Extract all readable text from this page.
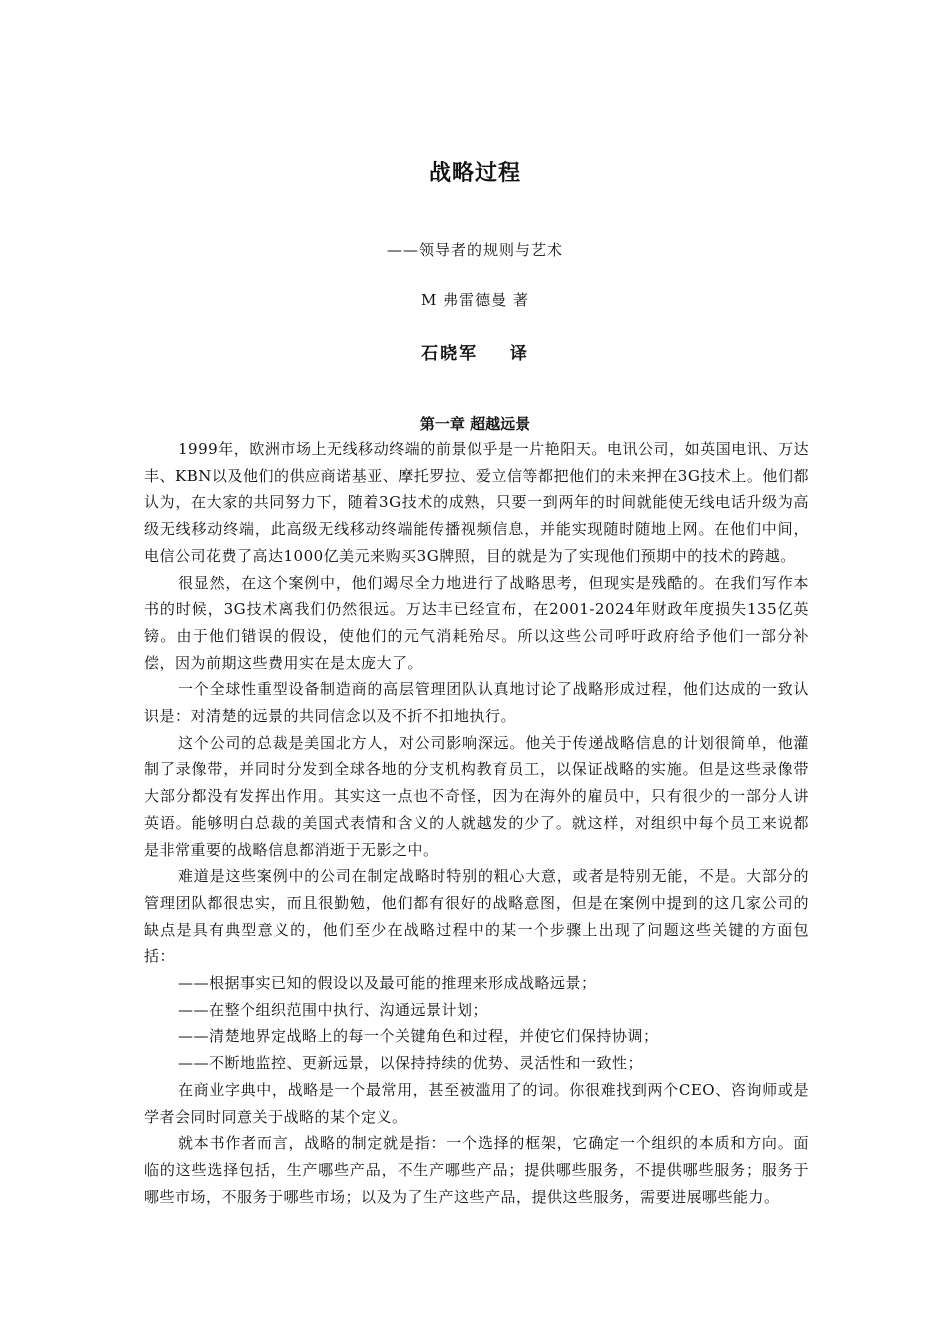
战略过程
——领导者的规则与艺术
M 弗雷德曼 著
石晓军    译
第一章 超越远景

1999年，欧洲市场上无线移动终端的前景似乎是一片艳阳天。电讯公司，如英国电讯、万达丰、KBN以及他们的供应商诺基亚、摩托罗拉、爱立信等都把他们的未来押在3G技术上。他们都认为，在大家的共同努力下，随着3G技术的成熟，只要一到两年的时间就能使无线电话升级为高级无线移动终端，此高级无线移动终端能传播视频信息，并能实现随时随地上网。在他们中间，电信公司花费了高达1000亿美元来购买3G牌照，目的就是为了实现他们预期中的技术的跨越。

很显然，在这个案例中，他们竭尽全力地进行了战略思考，但现实是残酷的。在我们写作本书的时候，3G技术离我们仍然很远。万达丰已经宣布，在2001-2024年财政年度损失135亿英镑。由于他们错误的假设，使他们的元气消耗殆尽。所以这些公司呼吁政府给予他们一部分补偿，因为前期这些费用实在是太庞大了。

一个全球性重型设备制造商的高层管理团队认真地讨论了战略形成过程，他们达成的一致认识是：对清楚的远景的共同信念以及不折不扣地执行。

这个公司的总裁是美国北方人，对公司影响深远。他关于传递战略信息的计划很简单，他灌制了录像带，并同时分发到全球各地的分支机构教育员工，以保证战略的实施。但是这些录像带大部分都没有发挥出作用。其实这一点也不奇怪，因为在海外的雇员中，只有很少的一部分人讲英语。能够明白总裁的美国式表情和含义的人就越发的少了。就这样，对组织中每个员工来说都是非常重要的战略信息都消逝于无影之中。

难道是这些案例中的公司在制定战略时特别的粗心大意，或者是特别无能，不是。大部分的管理团队都很忠实，而且很勤勉，他们都有很好的战略意图，但是在案例中提到的这几家公司的缺点是具有典型意义的，他们至少在战略过程中的某一个步骤上出现了问题这些关键的方面包括：

——根据事实已知的假设以及最可能的推理来形成战略远景；

——在整个组织范围中执行、沟通远景计划；

——清楚地界定战略上的每一个关键角色和过程，并使它们保持协调；

——不断地监控、更新远景，以保持持续的优势、灵活性和一致性；

在商业字典中，战略是一个最常用，甚至被滥用了的词。你很难找到两个CEO、咨询师或是学者会同时同意关于战略的某个定义。

就本书作者而言，战略的制定就是指：一个选择的框架，它确定一个组织的本质和方向。面临的这些选择包括，生产哪些产品，不生产哪些产品；提供哪些服务，不提供哪些服务；服务于哪些市场，不服务于哪些市场；以及为了生产这些产品，提供这些服务，需要进展哪些能力。
